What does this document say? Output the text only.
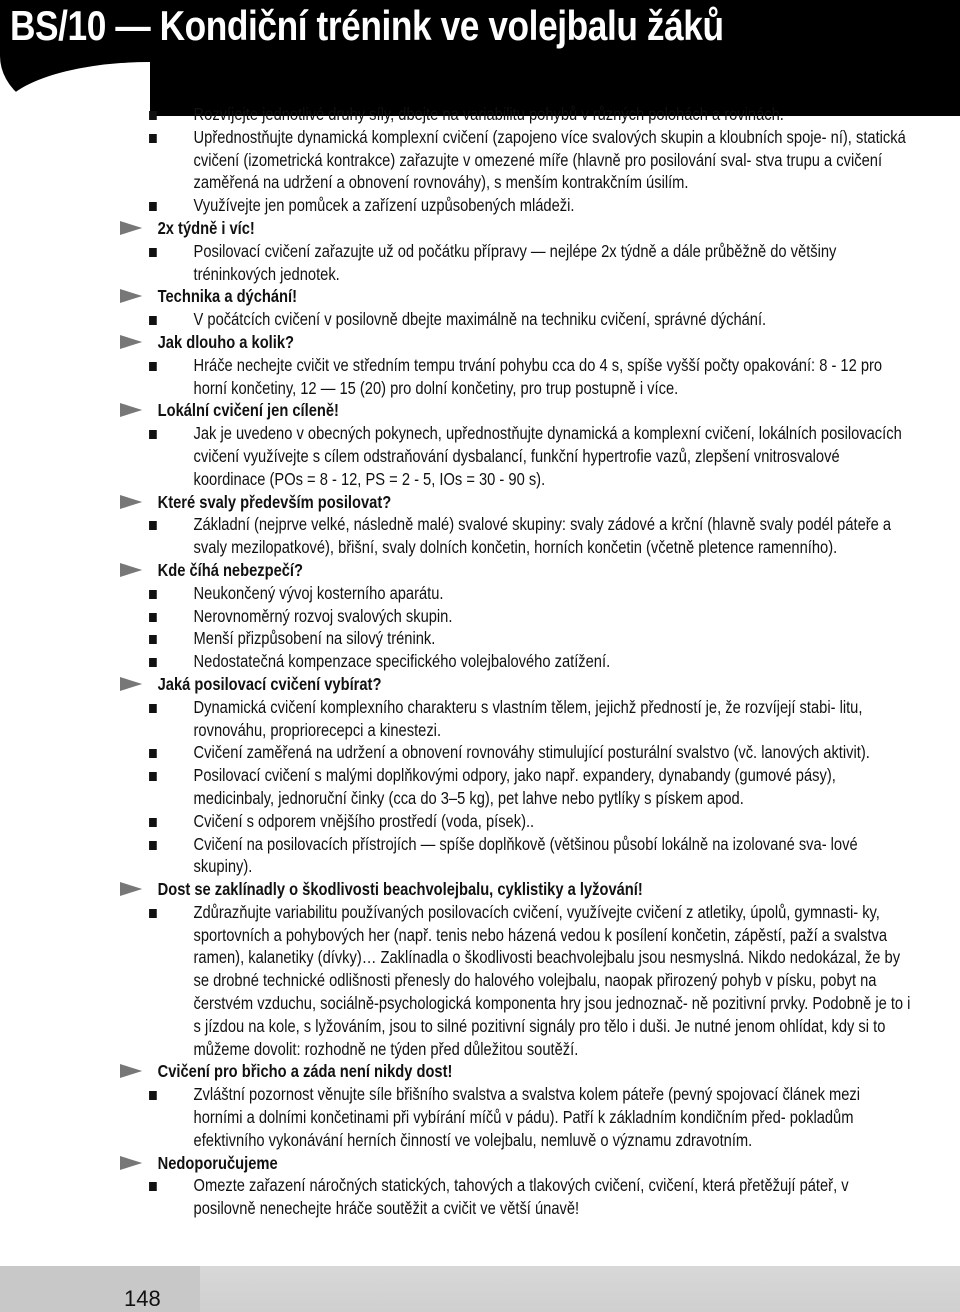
BS/10 — Kondiční trénink ve volejbalu žáků
Rozvíjejte jednotlivé druhy síly, dbejte na variabilitu pohybů v různých polohách a rovinách.
Upřednostňujte dynamická komplexní cvičení (zapojeno více svalových skupin a kloubních spoje- ní), statická cvičení (izometrická kontrakce) zařazujte v omezené míře (hlavně pro posilování sval- stva trupu a cvičení zaměřená na udržení a obnovení rovnováhy), s menším kontrakčním úsilím.
Využívejte jen pomůcek a zařízení uzpůsobených mládeži.
2x týdně i víc!
Posilovací cvičení zařazujte už od počátku přípravy — nejlépe 2x týdně a dále průběžně do většiny tréninkových jednotek.
Technika a dýchání!
V počátcích cvičení v posilovně dbejte maximálně na techniku cvičení, správné dýchání.
Jak dlouho a kolik?
Hráče nechejte cvičit ve středním tempu trvání pohybu cca do 4 s, spíše vyšší počty opakování: 8 - 12 pro horní končetiny, 12 — 15 (20) pro dolní končetiny, pro trup postupně i více.
Lokální cvičení jen cíleně!
Jak je uvedeno v obecných pokynech, upřednostňujte dynamická a komplexní cvičení, lokálních posilovacích cvičení využívejte s cílem odstraňování dysbalancí, funkční hypertrofie vazů, zlepšení vnitrosvalové koordinace (POs = 8 - 12, PS = 2 - 5, IOs = 30 - 90 s).
Které svaly především posilovat?
Základní (nejprve velké, následně malé) svalové skupiny: svaly zádové a krční (hlavně svaly podél páteře a svaly mezilopatkové), břišní, svaly dolních končetin, horních končetin (včetně pletence ramenního).
Kde číhá nebezpečí?
Neukončený vývoj kosterního aparátu.
Nerovnoměrný rozvoj svalových skupin.
Menší přizpůsobení na silový trénink.
Nedostatečná kompenzace specifického volejbalového zatížení.
Jaká posilovací cvičení vybírat?
Dynamická cvičení komplexního charakteru s vlastním tělem, jejichž předností je, že rozvíjejí stabi- litu, rovnováhu, propriorecepci a kinestezi.
Cvičení zaměřená na udržení a obnovení rovnováhy stimulující posturální svalstvo (vč. lanových aktivit).
Posilovací cvičení s malými doplňkovými odpory, jako např. expandery, dynabandy (gumové pásy), medicinbaly, jednoruční činky (cca do 3–5 kg), pet lahve nebo pytlíky s pískem apod.
Cvičení s odporem vnějšího prostředí (voda, písek)..
Cvičení na posilovacích přístrojích — spíše doplňkově (většinou působí lokálně na izolované sva- lové skupiny).
Dost se zaklínadly o škodlivosti beachvolejbalu, cyklistiky a lyžování!
Zdůrazňujte variabilitu používaných posilovacích cvičení, využívejte cvičení z atletiky, úpolů, gymnasti- ky, sportovních a pohybových her (např. tenis nebo házená vedou k posílení končetin, zápěstí, paží a svalstva ramen), kalanetiky (dívky)… Zaklínadla o škodlivosti beachvolejbalu jsou nesmyslná. Nikdo nedokázal, že by se drobné technické odlišnosti přenesly do halového volejbalu, naopak přirozený pohyb v písku, pobyt na čerstvém vzduchu, sociálně-psychologická komponenta hry jsou jednoznač- ně pozitivní prvky. Podobně je to i s jízdou na kole, s lyžováním, jsou to silné pozitivní signály pro tělo i duši. Je nutné jenom ohlídat, kdy si to můžeme dovolit: rozhodně ne týden před důležitou soutěží.
Cvičení pro břicho a záda není nikdy dost!
Zvláštní pozornost věnujte síle břišního svalstva a svalstva kolem páteře (pevný spojovací článek mezi horními a dolními končetinami při vybírání míčů v pádu). Patří k základním kondičním před- pokladům efektivního vykonávání herních činností ve volejbalu, nemluvě o významu zdravotním.
Nedoporučujeme
Omezte zařazení náročných statických, tahových a tlakových cvičení, cvičení, která přetěžují páteř, v posilovně nenechejte hráče soutěžit a cvičit ve větší únavě!
148
